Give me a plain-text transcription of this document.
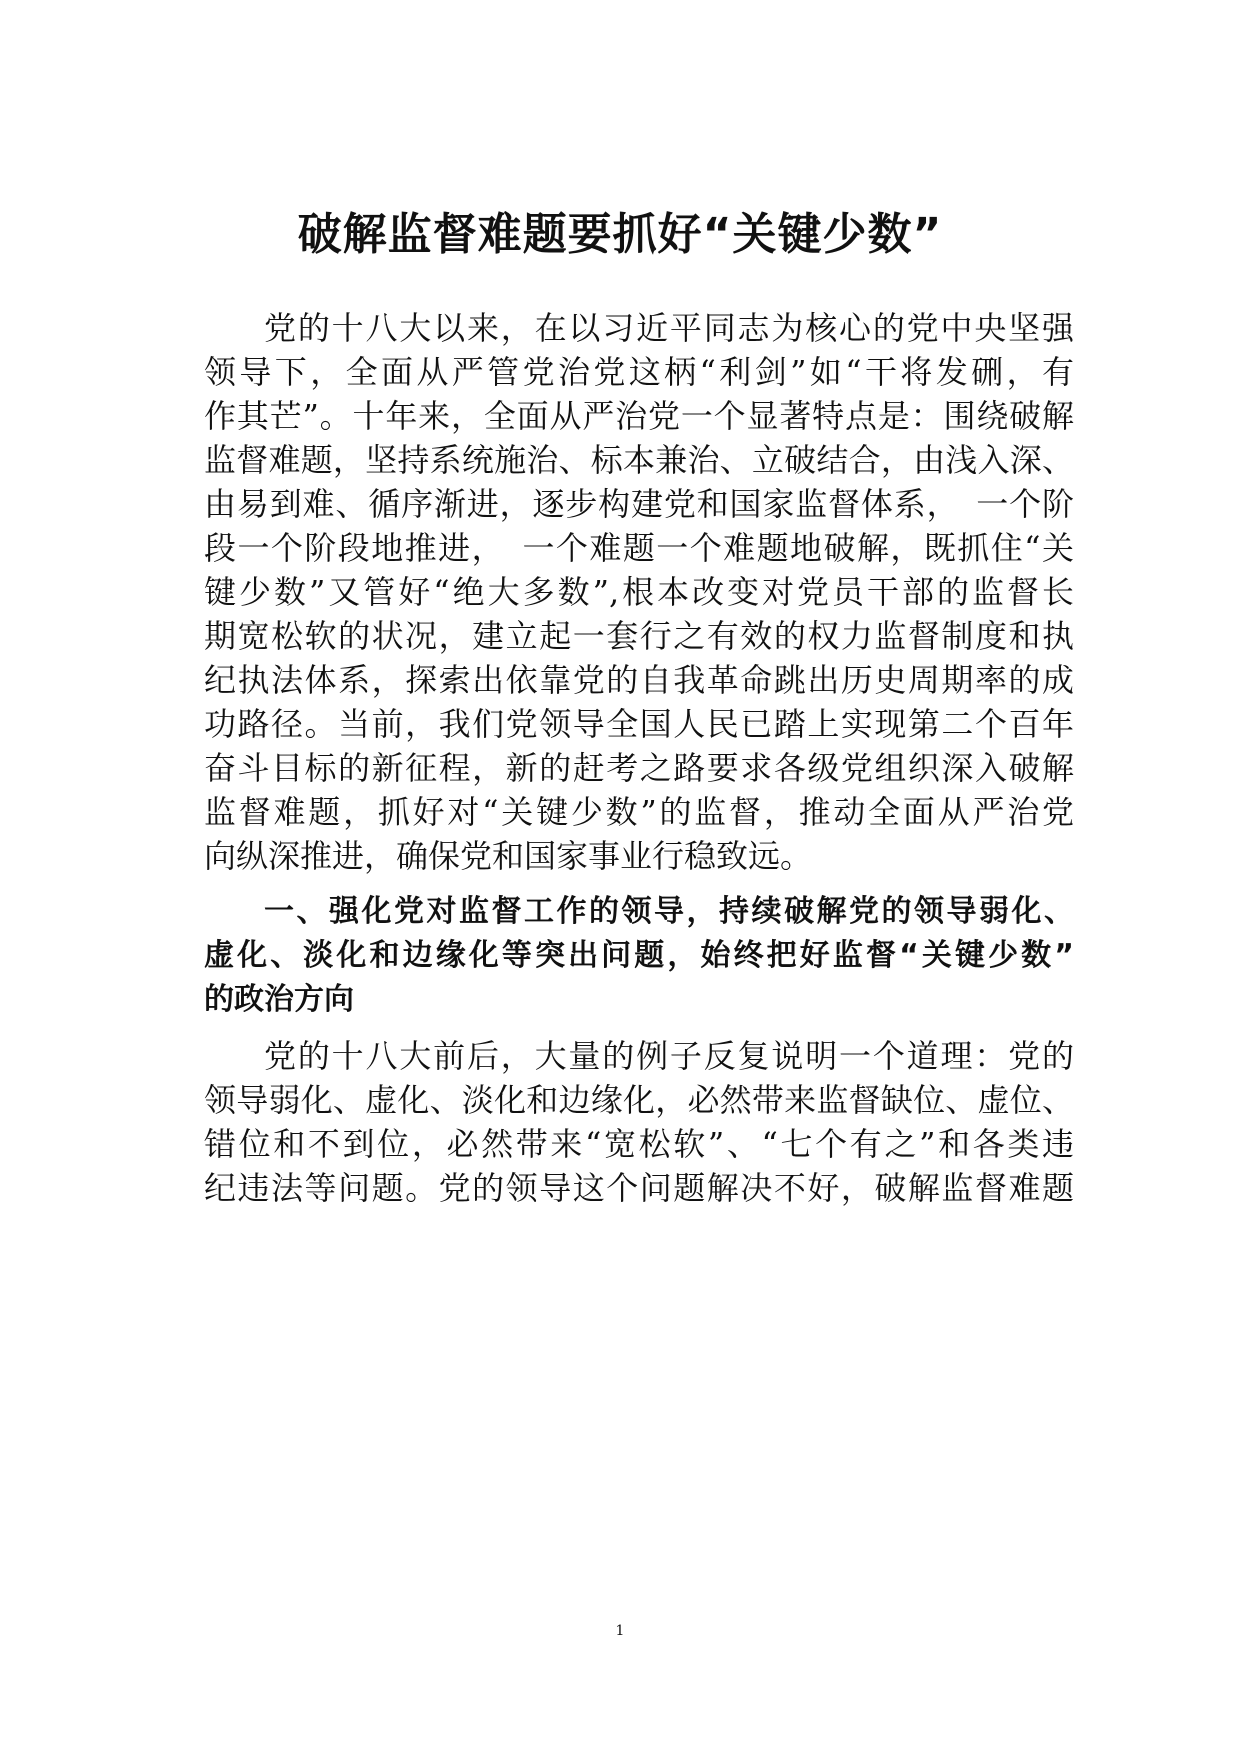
破解监督难题要抓好“关键少数”
党的十八大以来，在以习近平同志为核心的党中央坚强
领导下，全面从严管党治党这柄“利剑”如“干将发硎，有
作其芒”。十年来，全面从严治党一个显著特点是：围绕破解
监督难题，坚持系统施治、标本兼治、立破结合，由浅入深、
由易到难、循序渐进，逐步构建党和国家监督体系，　一个阶
段一个阶段地推进，　一个难题一个难题地破解，既抓住“关
键少数”又管好“绝大多数”,根本改变对党员干部的监督长
期宽松软的状况，建立起一套行之有效的权力监督制度和执
纪执法体系，探索出依靠党的自我革命跳出历史周期率的成
功路径。当前，我们党领导全国人民已踏上实现第二个百年
奋斗目标的新征程，新的赶考之路要求各级党组织深入破解
监督难题，抓好对“关键少数”的监督，推动全面从严治党
向纵深推进，确保党和国家事业行稳致远。
一、强化党对监督工作的领导，持续破解党的领导弱化、
虚化、淡化和边缘化等突出问题，始终把好监督“关键少数”
的政治方向
党的十八大前后，大量的例子反复说明一个道理：党的
领导弱化、虚化、淡化和边缘化，必然带来监督缺位、虚位、
错位和不到位，必然带来“宽松软”、“七个有之”和各类违
纪违法等问题。党的领导这个问题解决不好，破解监督难题
1
